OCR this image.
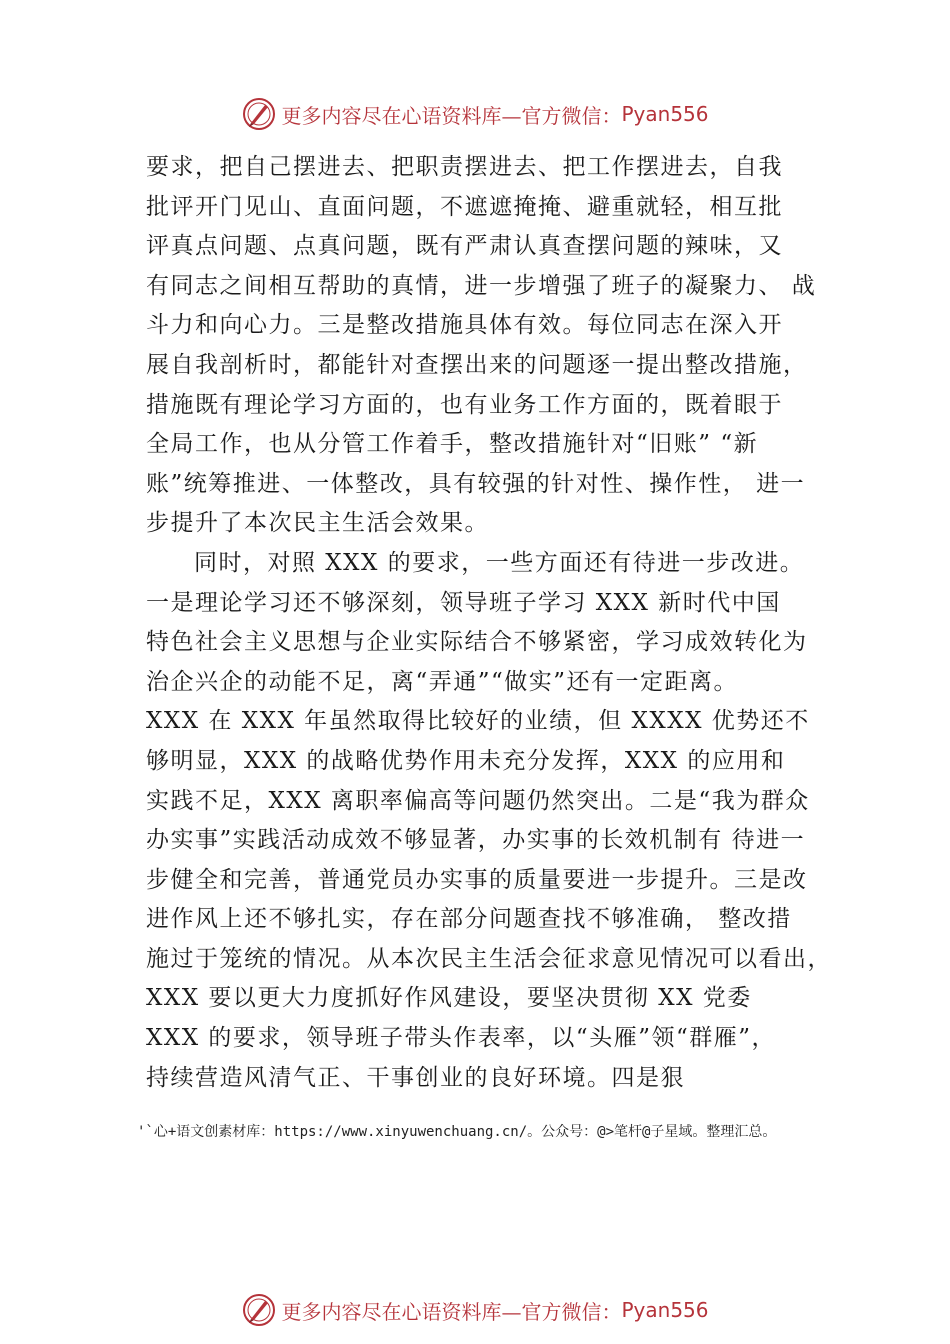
更多内容尽在心语资料库—官方微信： Pyan556
要求，把自己摆进去、把职责摆进去、把工作摆进去，自我
批评开门见山、直面问题，不遮遮掩掩、避重就轻，相互批
评真点问题、点真问题，既有严肃认真查摆问题的辣味，又
有同志之间相互帮助的真情，进一步增强了班子的凝聚力、 战
斗力和向心力。三是整改措施具体有效。每位同志在深入开
展自我剖析时，都能针对查摆出来的问题逐一提出整改措施，
措施既有理论学习方面的，也有业务工作方面的，既着眼于
全局工作，也从分管工作着手，整改措施针对“旧账” “新
账”统筹推进、一体整改，具有较强的针对性、操作性， 进一
步提升了本次民主生活会效果。
同时，对照 XXX 的要求，一些方面还有待进一步改进。
一是理论学习还不够深刻，领导班子学习 XXX 新时代中国
特色社会主义思想与企业实际结合不够紧密，学习成效转化为
治企兴企的动能不足，离“弄通”“做实”还有一定距离。
XXX 在 XXX 年虽然取得比较好的业绩，但 XXXX 优势还不
够明显，XXX 的战略优势作用未充分发挥，XXX 的应用和
实践不足，XXX 离职率偏高等问题仍然突出。二是“我为群众
办实事”实践活动成效不够显著，办实事的长效机制有 待进一
步健全和完善，普通党员办实事的质量要进一步提升。三是改
进作风上还不够扎实，存在部分问题查找不够准确， 整改措
施过于笼统的情况。从本次民主生活会征求意见情况可以看出，
XXX 要以更大力度抓好作风建设，要坚决贯彻 XX 党委
XXX 的要求，领导班子带头作表率，以“头雁”领“群雁”，
持续营造风清气正、干事创业的良好环境。四是狠
'`心+语文创素材库：https://www.xinyuwenchuang.cn/。公众号：@>笔杆@子星域。整理汇总。
更多内容尽在心语资料库—官方微信： Pyan556
